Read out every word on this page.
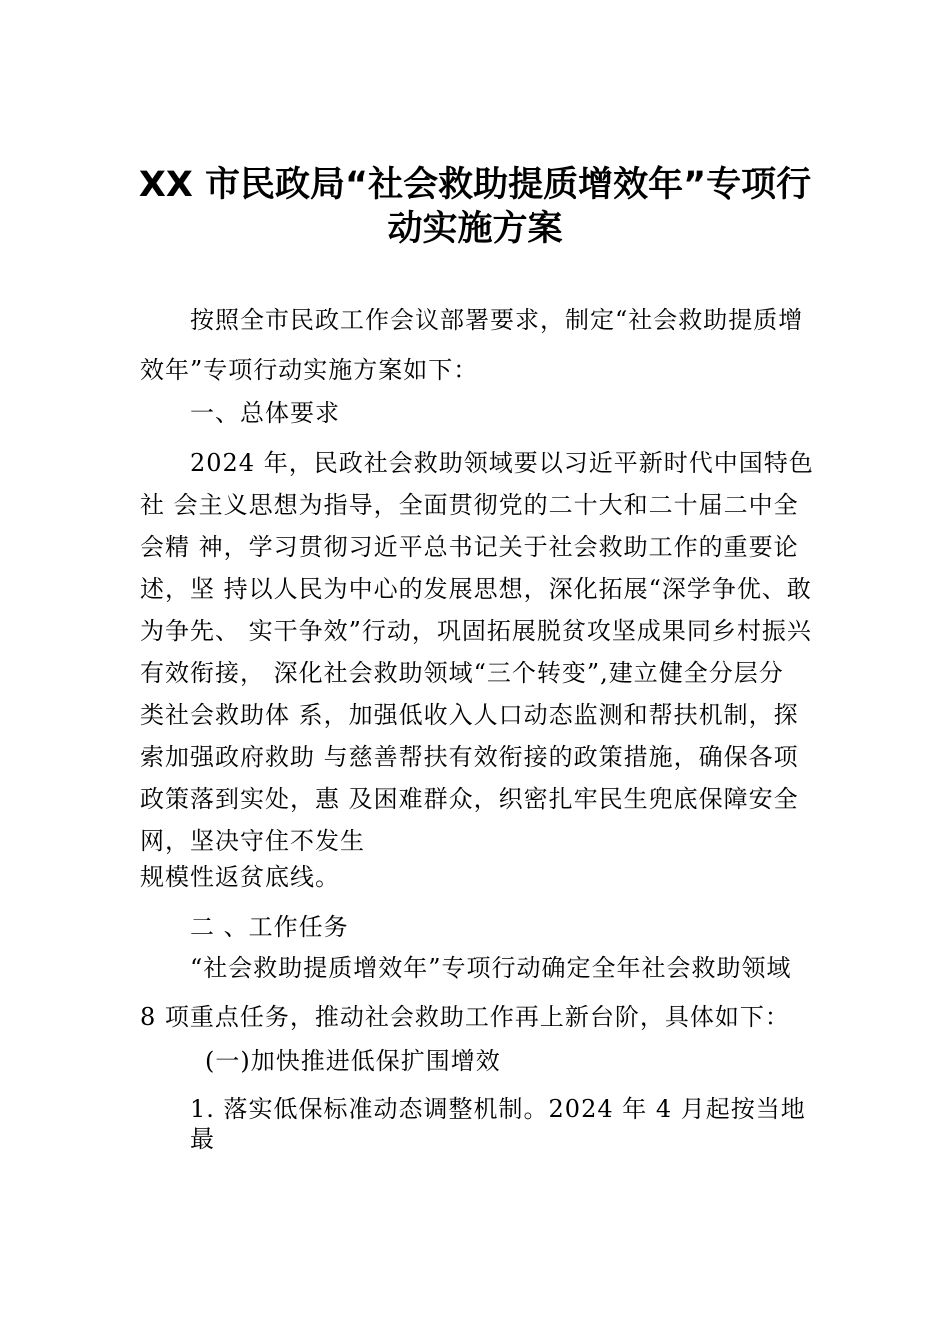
XX 市民政局“社会救助提质增效年”专项行
动实施方案
按照全市民政工作会议部署要求，制定“社会救助提质增
效年”专项行动实施方案如下：
一、总体要求
2024 年，民政社会救助领域要以习近平新时代中国特色
社 会主义思想为指导，全面贯彻党的二十大和二十届二中全
会精 神，学习贯彻习近平总书记关于社会救助工作的重要论
述，坚 持以人民为中心的发展思想，深化拓展“深学争优、敢
为争先、 实干争效”行动，巩固拓展脱贫攻坚成果同乡村振兴
有效衔接， 深化社会救助领域“三个转变”,建立健全分层分
类社会救助体 系，加强低收入人口动态监测和帮扶机制，探
索加强政府救助 与慈善帮扶有效衔接的政策措施，确保各项
政策落到实处，惠 及困难群众，织密扎牢民生兜底保障安全
网，坚决守住不发生
规模性返贫底线。
二 、工作任务
“社会救助提质增效年”专项行动确定全年社会救助领域
8 项重点任务，推动社会救助工作再上新台阶，具体如下：
(一)加快推进低保扩围增效
1. 落实低保标准动态调整机制。2024 年 4 月起按当地
最
